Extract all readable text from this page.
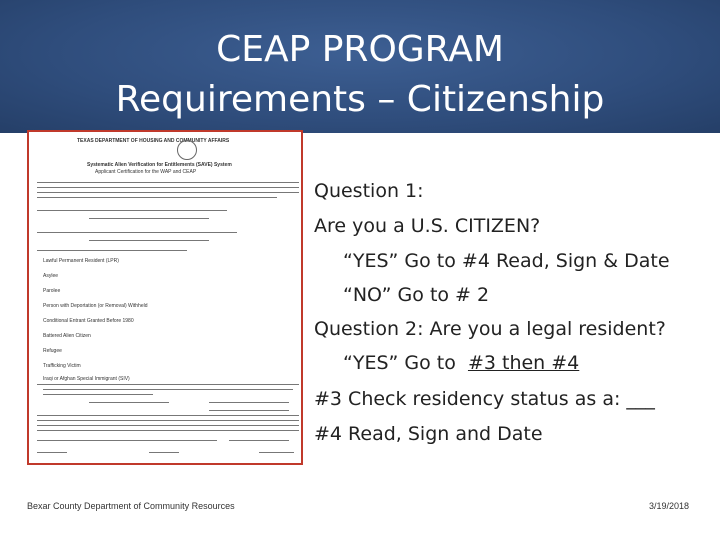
CEAP PROGRAM
Requirements – Citizenship
TEXAS DEPARTMENT OF HOUSING AND COMMUNITY AFFAIRS
Systematic Alien Verification for Entitlements (SAVE) System
Applicant Certification for the WAP and CEAP
Lawful Permanent Resident (LPR)
Asylee
Parolee
Person with Deportation (or Removal) Withheld
Conditional Entrant Granted Before 1980
Battered Alien Citizen
Refugee
Trafficking Victim
Iraqi or Afghan Special Immigrant (SIV)
Question 1:
Are you a U.S. CITIZEN?
“YES” Go to #4 Read, Sign & Date
“NO” Go to # 2
Question 2: Are you a legal resident?
“YES” Go to  #3 then #4
#3 Check residency status as a: ___
#4 Read, Sign and Date
Bexar County Department of Community Resources	3/19/2018
